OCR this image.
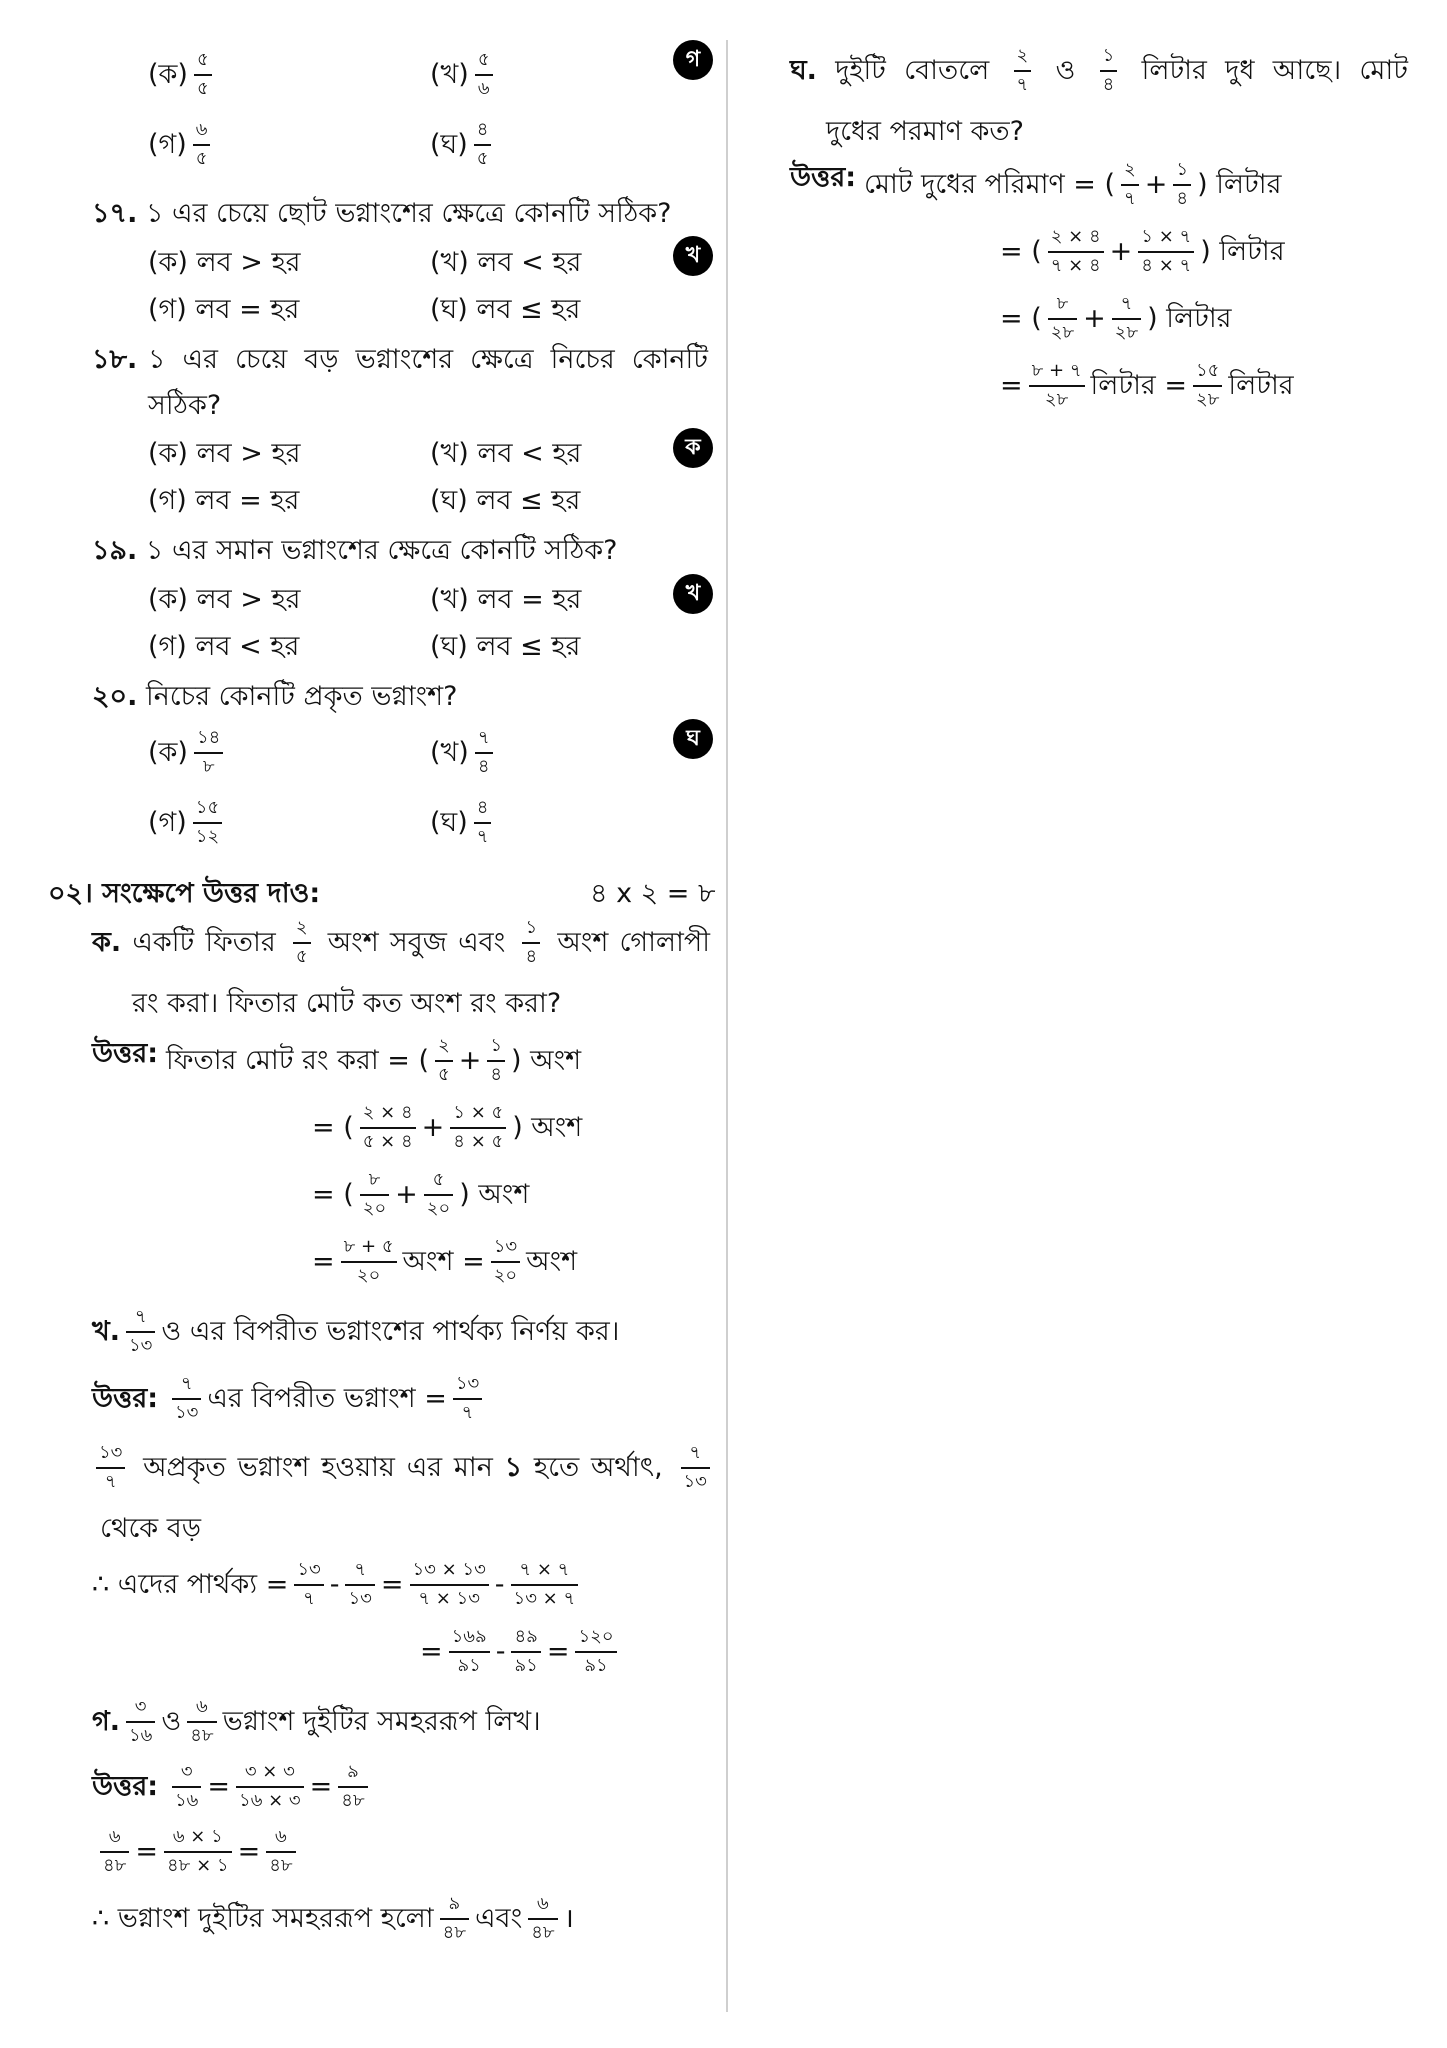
গ
(ক) $\frac{৫}{৫}$	(খ) $\frac{৫}{৬}$
(গ) $\frac{৬}{৫}$	(ঘ) $\frac{৪}{৫}$
১৭. ১ এর চেয়ে ছোট ভগ্নাংশের ক্ষেত্রে কোনটি সঠিক?
খ
(ক) লব > হর	(খ) লব < হর
(গ) লব = হর	(ঘ) লব ≤ হর
১৮. ১ এর চেয়ে বড় ভগ্নাংশের ক্ষেত্রে নিচের কোনটি
সঠিক?
ক
(ক) লব > হর	(খ) লব < হর
(গ) লব = হর	(ঘ) লব ≤ হর
১৯. ১ এর সমান ভগ্নাংশের ক্ষেত্রে কোনটি সঠিক?
খ
(ক) লব > হর	(খ) লব = হর
(গ) লব < হর	(ঘ) লব ≤ হর
২০. নিচের কোনটি প্রকৃত ভগ্নাংশ?
ঘ
(ক) $\frac{১৪}{৮}$	(খ) $\frac{৭}{৪}$
(গ) $\frac{১৫}{১২}$	(ঘ) $\frac{৪}{৭}$
০২। সংক্ষেপে উত্তর দাও:	৪ x ২ = ৮
ক. একটি ফিতার $\frac{২}{৫}$ অংশ সবুজ এবং $\frac{১}{৪}$ অংশ গোলাপী
রং করা। ফিতার মোট কত অংশ রং করা?
উত্তর: ফিতার মোট রং করা = ( $\frac{২}{৫} + \frac{১}{৪}$ ) অংশ
= ( $\frac{২ \times ৪}{৫ \times ৪} + \frac{১ \times ৫}{৪ \times ৫}$ ) অংশ
= ( $\frac{৮}{২০} + \frac{৫}{২০}$ ) অংশ
= $\frac{৮ + ৫}{২০}$ অংশ = $\frac{১৩}{২০}$ অংশ
খ. $\frac{৭}{১৩}$ ও এর বিপরীত ভগ্নাংশের পার্থক্য নির্ণয় কর।
উত্তর: $\frac{৭}{১৩}$ এর বিপরীত ভগ্নাংশ = $\frac{১৩}{৭}$
$\frac{১৩}{৭}$ অপ্রকৃত ভগ্নাংশ হওয়ায় এর মান ১ হতে অর্থাৎ, $\frac{৭}{১৩}$
থেকে বড়
∴ এদের পার্থক্য = $\frac{১৩}{৭} - \frac{৭}{১৩} = \frac{১৩ \times ১৩}{৭ \times ১৩} - \frac{৭ \times ৭}{১৩ \times ৭}$
= $\frac{১৬৯}{৯১} - \frac{৪৯}{৯১} = \frac{১২০}{৯১}$
গ. $\frac{৩}{১৬}$ ও $\frac{৬}{৪৮}$ ভগ্নাংশ দুইটির সমহররূপ লিখ।
উত্তর: $\frac{৩}{১৬} = \frac{৩ \times ৩}{১৬ \times ৩} = \frac{৯}{৪৮}$
$\frac{৬}{৪৮} = \frac{৬ \times ১}{৪৮ \times ১} = \frac{৬}{৪৮}$
∴ ভগ্নাংশ দুইটির সমহররূপ হলো $\frac{৯}{৪৮}$ এবং $\frac{৬}{৪৮}$ ।
ঘ. দুইটি বোতলে $\frac{২}{৭}$ ও $\frac{১}{৪}$ লিটার দুধ আছে। মোট
দুধের পরমাণ কত?
উত্তর: মোট দুধের পরিমাণ = ( $\frac{২}{৭} + \frac{১}{৪}$ ) লিটার
= ( $\frac{২ \times ৪}{৭ \times ৪} + \frac{১ \times ৭}{৪ \times ৭}$ ) লিটার
= ( $\frac{৮}{২৮} + \frac{৭}{২৮}$ ) লিটার
= $\frac{৮ + ৭}{২৮}$ লিটার = $\frac{১৫}{২৮}$ লিটার
